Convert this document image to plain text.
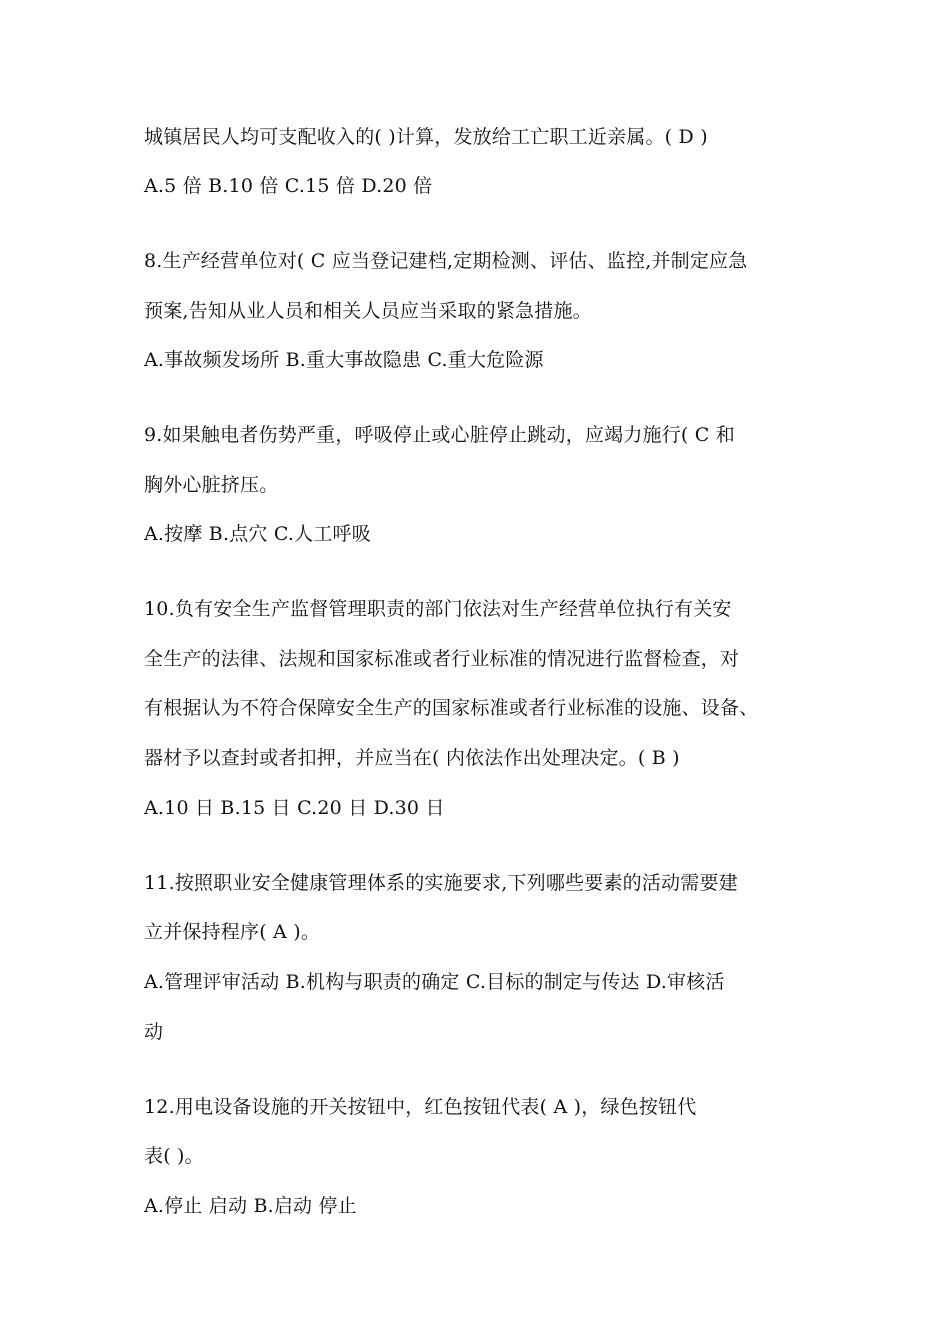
城镇居民人均可支配收入的( )计算，发放给工亡职工近亲属。( D )
A.5 倍 B.10 倍 C.15 倍 D.20 倍
8.生产经营单位对( C 应当登记建档,定期检测、评估、监控,并制定应急
预案,告知从业人员和相关人员应当采取的紧急措施。
A.事故频发场所 B.重大事故隐患 C.重大危险源
9.如果触电者伤势严重，呼吸停止或心脏停止跳动，应竭力施行( C 和
胸外心脏挤压。
A.按摩 B.点穴 C.人工呼吸
10.负有安全生产监督管理职责的部门依法对生产经营单位执行有关安
全生产的法律、法规和国家标准或者行业标准的情况进行监督检查，对
有根据认为不符合保障安全生产的国家标准或者行业标准的设施、设备、
器材予以查封或者扣押，并应当在( 内依法作出处理决定。( B )
A.10 日 B.15 日 C.20 日 D.30 日
11.按照职业安全健康管理体系的实施要求,下列哪些要素的活动需要建
立并保持程序( A )。
A.管理评审活动 B.机构与职责的确定 C.目标的制定与传达 D.审核活
动
12.用电设备设施的开关按钮中，红色按钮代表( A )，绿色按钮代
表( )。
A.停止 启动 B.启动 停止
